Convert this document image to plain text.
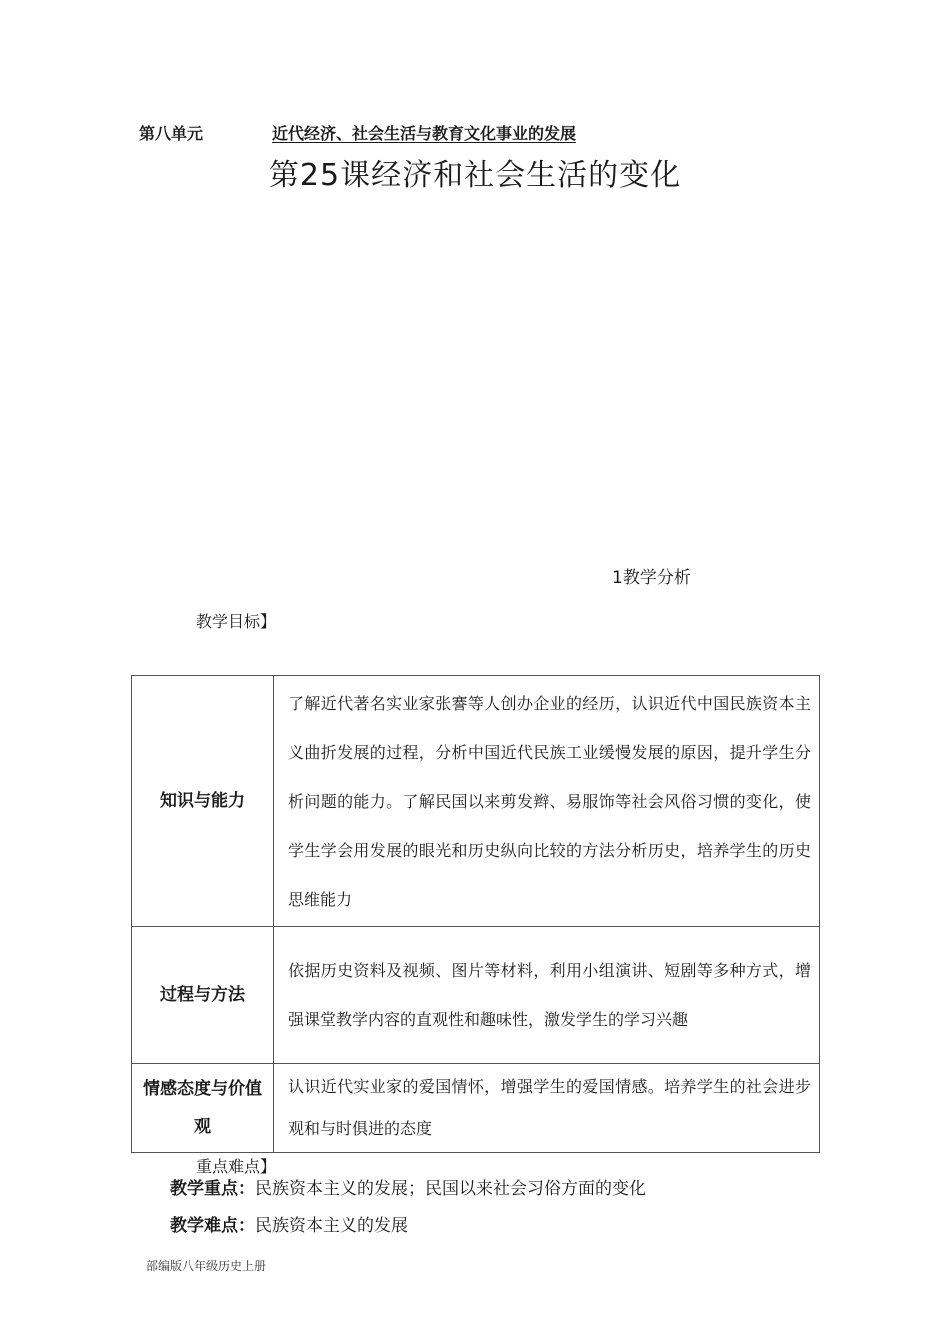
第八单元	近代经济、社会生活与教育文化事业的发展
第25课经济和社会生活的变化
1教学分析
教学目标】
知识与能力	了解近代著名实业家张謇等人创办企业的经历，认识近代中国民族资本主义曲折发展的过程，分析中国近代民族工业缓慢发展的原因，提升学生分析问题的能力。了解民国以来剪发辫、易服饰等社会风俗习惯的变化，使学生学会用发展的眼光和历史纵向比较的方法分析历史，培养学生的历史思维能力
过程与方法	依据历史资料及视频、图片等材料，利用小组演讲、短剧等多种方式，增强课堂教学内容的直观性和趣味性，激发学生的学习兴趣
情感态度与价值观	认识近代实业家的爱国情怀，增强学生的爱国情感。培养学生的社会进步观和与时俱进的态度
重点难点】
教学重点：民族资本主义的发展；民国以来社会习俗方面的变化
教学难点：民族资本主义的发展
部编版八年级历史上册
